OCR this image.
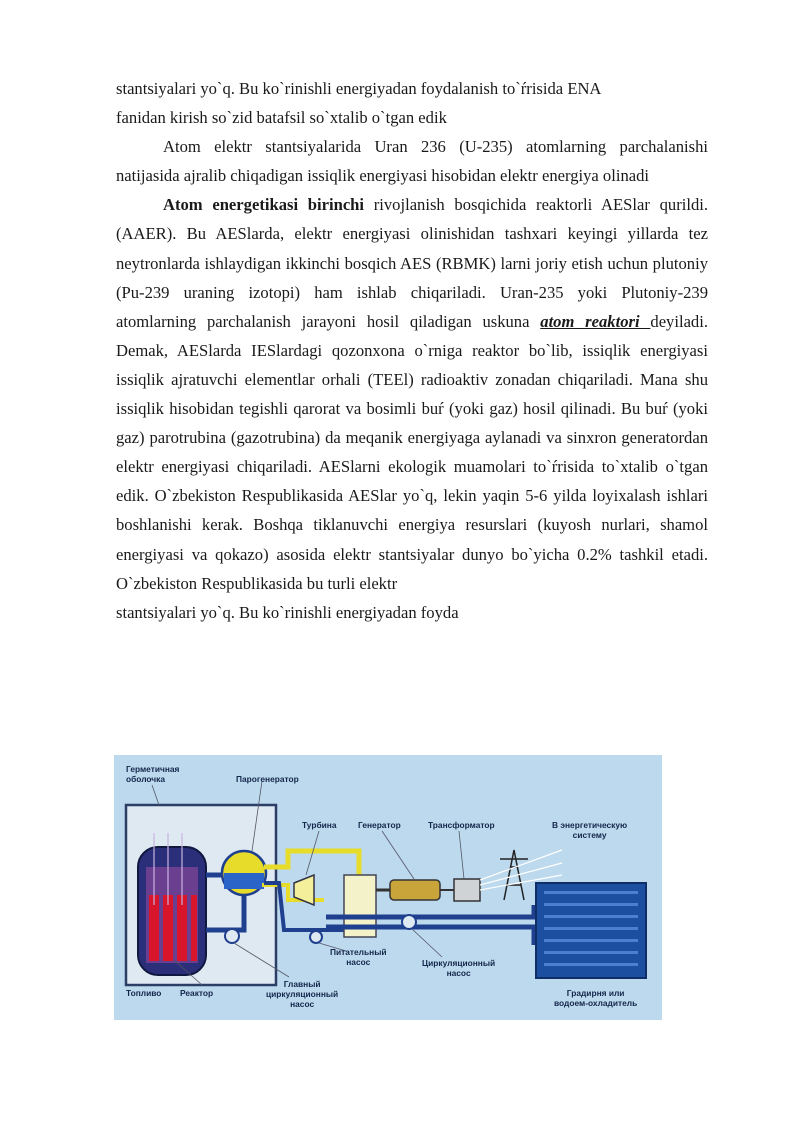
stantsiyalari yo`q. Bu ko`rinishli energiyadan foydalanish to`ŕrisida ENA

fanidan kirish so`zid batafsil so`xtalib o`tgan edik

Atom elektr stantsiyalarida Uran 236 (U-235) atomlarning parchalanishi natijasida ajralib chiqadigan issiqlik energiyasi hisobidan elektr energiya olinadi

Atom energetikasi birinchi rivojlanish bosqichida reaktorli AESlar qurildi. (AAER). Bu AESlarda, elektr energiyasi olinishidan tashxari keyingi yillarda tez neytronlarda ishlaydigan ikkinchi bosqich AES (RBMK) larni joriy etish uchun plutoniy (Pu-239 uraning izotopi) ham ishlab chiqariladi. Uran-235 yoki Plutoniy-239 atomlarning parchalanish jarayoni hosil qiladigan uskuna atom reaktori deyiladi. Demak, AESlarda IESlardagi qozonxona o`rniga reaktor bo`lib, issiqlik energiyasi issiqlik ajratuvchi elementlar orhali (TEEl) radioaktiv zonadan chiqariladi. Mana shu issiqlik hisobidan tegishli qarorat va bosimli buŕ (yoki gaz) hosil qilinadi. Bu buŕ (yoki gaz) parotrubina (gazotrubina) da meqanik energiyaga aylanadi va sinxron generatordan elektr energiyasi chiqariladi. AESlarni ekologik muamolari to`ŕrisida to`xtalib o`tgan edik. O`zbekiston Respublikasida AESlar yo`q, lekin yaqin 5-6 yilda loyixalash ishlari boshlanishi kerak. Boshqa tiklanuvchi energiya resurslari (kuyosh nurlari, shamol energiyasi va qokazo) asosida elektr stantsiyalar dunyo bo`yicha 0.2% tashkil etadi. O`zbekiston Respublikasida bu turli elektr

stantsiyalari yo`q. Bu ko`rinishli energiyadan foyda

Герметичная
оболочка	Парогенератор
Турбина	Генератор	Трансформатор	В энергетическую
систему
Питательный
насос	Циркуляционный
насос
Топливо Реактор
Главный
циркуляционный
насос
Градирня или
водоем-охладитель
